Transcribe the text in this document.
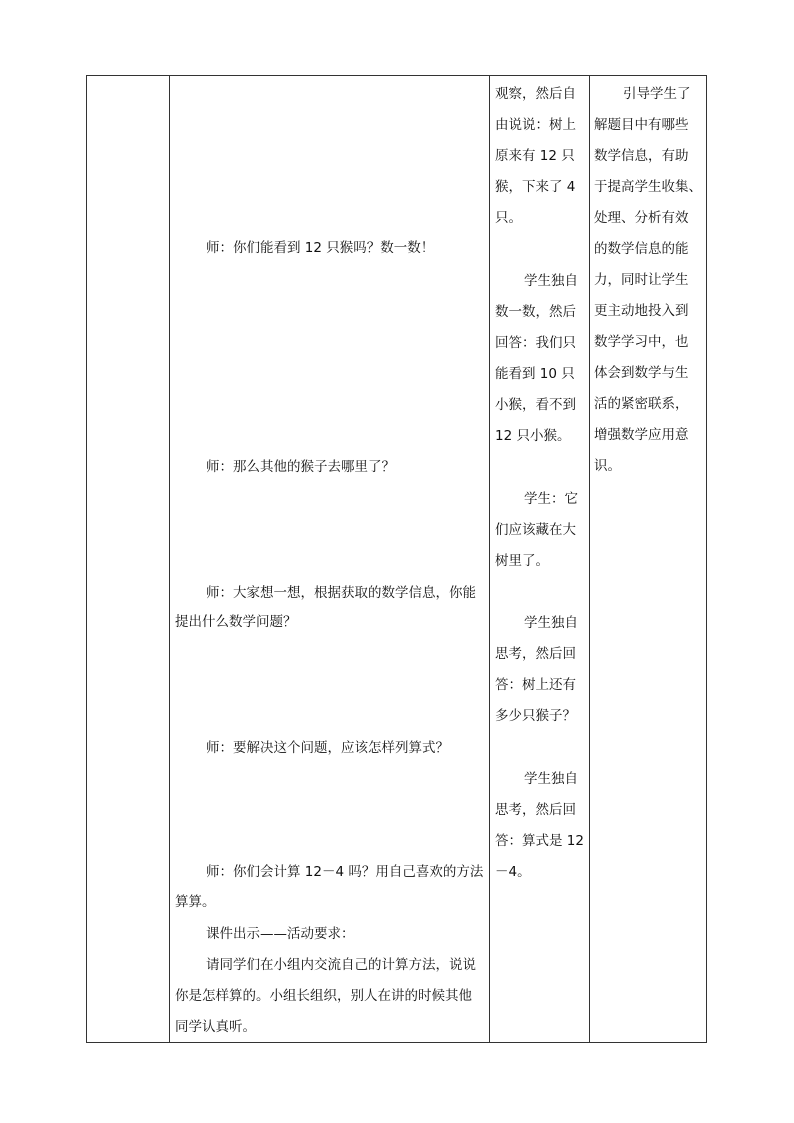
师：你们能看到 12 只猴吗？数一数！
师：那么其他的猴子去哪里了？
师：大家想一想，根据获取的数学信息，你能
提出什么数学问题？
师：要解决这个问题，应该怎样列算式？
师：你们会计算 12－4 吗？用自己喜欢的方法
算算。
课件出示——活动要求：
请同学们在小组内交流自己的计算方法，说说
你是怎样算的。小组长组织，别人在讲的时候其他
同学认真听。
观察，然后自
由说说：树上
原来有 12 只
猴，下来了 4
只。
学生独自
数一数，然后
回答：我们只
能看到 10 只
小猴，看不到
12 只小猴。
学生：它
们应该藏在大
树里了。
学生独自
思考，然后回
答：树上还有
多少只猴子？
学生独自
思考，然后回
答：算式是 12
－4。
引导学生了
解题目中有哪些
数学信息，有助
于提高学生收集、
处理、分析有效
的数学信息的能
力，同时让学生
更主动地投入到
数学学习中，也
体会到数学与生
活的紧密联系，
增强数学应用意
识。
